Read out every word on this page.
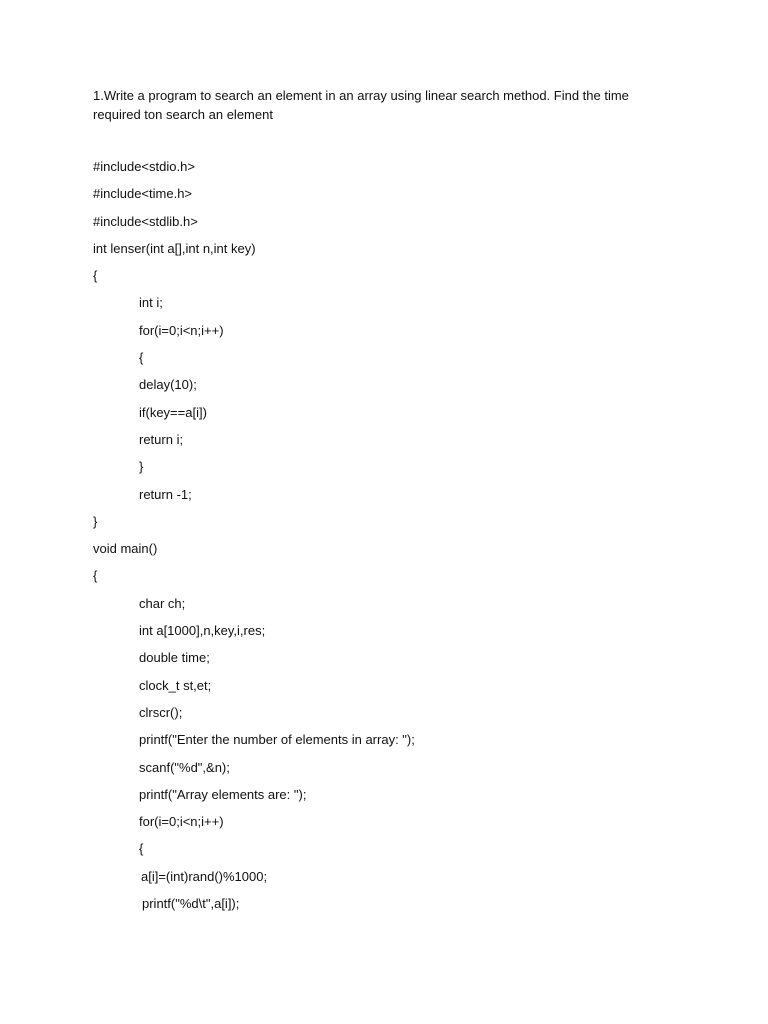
1.Write a program to search an element in an array using linear search method. Find the time
required ton search an element

#include<stdio.h>
#include<time.h>
#include<stdlib.h>
int lenser(int a[],int n,int key)
{
int i;
for(i=0;i<n;i++)
{
delay(10);
if(key==a[i])
return i;
}
return -1;
}
void main()
{
char ch;
int a[1000],n,key,i,res;
double time;
clock_t st,et;
clrscr();
printf("Enter the number of elements in array: ");
scanf("%d",&n);
printf("Array elements are: ");
for(i=0;i<n;i++)
{
a[i]=(int)rand()%1000;
printf("%d\t",a[i]);
